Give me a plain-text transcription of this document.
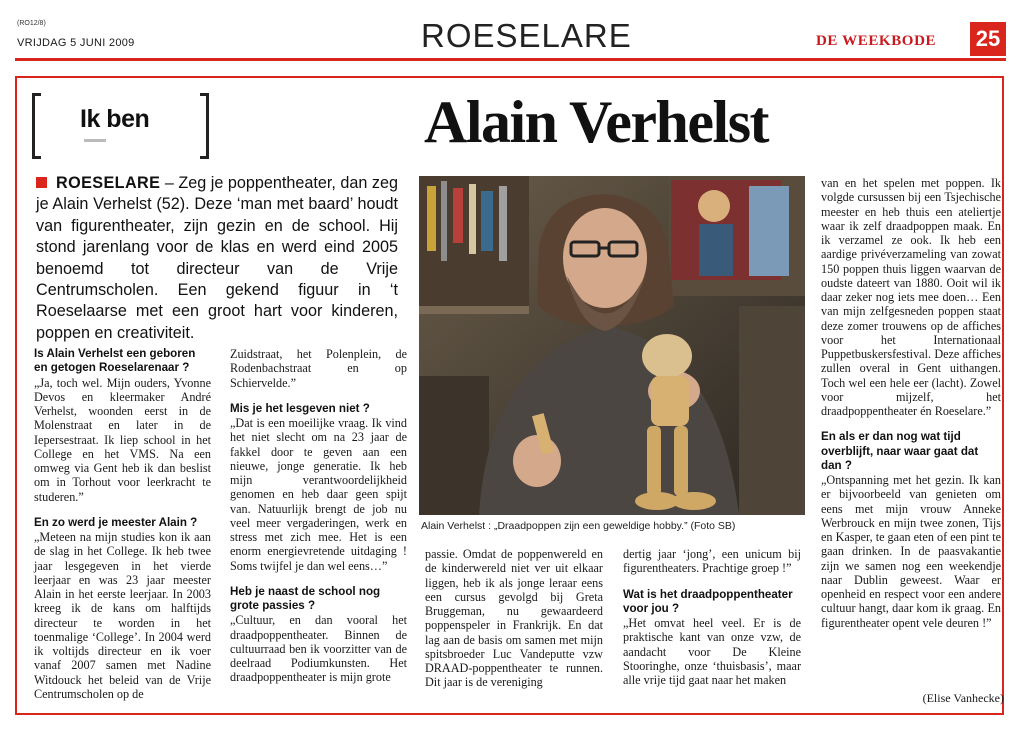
(RO12/8)
VRIJDAG 5 JUNI 2009	ROESELARE	DE WEEKBODE 25
Ik ben	Alain Verhelst
ROESELARE – Zeg je poppentheater, dan zeg je Alain Verhelst (52). Deze ‘man met baard’ houdt van figurentheater, zijn gezin en de school. Hij stond jarenlang voor de klas en werd eind 2005 benoemd tot directeur van de Vrije Centrumscholen. Een gekend figuur in ‘t Roeselaarse met een groot hart voor kinderen, poppen en creativiteit.
Alain Verhelst : „Draadpoppen zijn een geweldige hobby.” (Foto SB)
Is Alain Verhelst een geboren en getogen Roeselarenaar ?

„Ja, toch wel. Mijn ouders, Yvonne Devos en kleermaker André Verhelst, woonden eerst in de Molenstraat en later in de Iepersestraat. Ik liep school in het College en het VMS. Na een omweg via Gent heb ik dan beslist om in Torhout voor leerkracht te studeren.”

En zo werd je meester Alain ?

„Meteen na mijn studies kon ik aan de slag in het College. Ik heb twee jaar lesgegeven in het vierde leerjaar en was 23 jaar meester Alain in het eerste leerjaar. In 2003 kreeg ik de kans om halftijds directeur te worden in het toenmalige ‘College’. In 2004 werd ik voltijds directeur en ik voer vanaf 2007 samen met Nadine Witdouck het beleid van de Vrije Centrumscholen op de

Zuidstraat, het Polenplein, de Rodenbachstraat en op Schiervelde.”

Mis je het lesgeven niet ?

„Dat is een moeilijke vraag. Ik vind het niet slecht om na 23 jaar de fakkel door te geven aan een nieuwe, jonge generatie. Ik heb mijn verantwoordelijkheid genomen en heb daar geen spijt van. Natuurlijk brengt de job nu veel meer vergaderingen, werk en stress met zich mee. Het is een enorm energievretende uitdaging ! Soms twijfel je dan wel eens…”

Heb je naast de school nog grote passies ?

„Cultuur, en dan vooral het draadpoppentheater. Binnen de cultuurraad ben ik voorzitter van de deelraad Podiumkunsten. Het draadpoppentheater is mijn grote

passie. Omdat de poppenwereld en de kinderwereld niet ver uit elkaar liggen, heb ik als jonge leraar eens een cursus gevolgd bij Greta Bruggeman, nu gewaardeerd poppenspeler in Frankrijk. En dat lag aan de basis om samen met mijn spitsbroeder Luc Vandeputte vzw DRAAD-poppentheater te runnen. Dit jaar is de vereniging

dertig jaar ‘jong’, een unicum bij figurentheaters. Prachtige groep !”

Wat is het draadpoppentheater voor jou ?

„Het omvat heel veel. Er is de praktische kant van onze vzw, de aandacht voor De Kleine Stooringhe, onze ‘thuisbasis’, maar alle vrije tijd gaat naar het maken

van en het spelen met poppen. Ik volgde cursussen bij een Tsjechische meester en heb thuis een ateliertje waar ik zelf draadpoppen maak. En ik verzamel ze ook. Ik heb een aardige privéverzameling van zowat 150 poppen thuis liggen waarvan de oudste dateert van 1880. Ooit wil ik daar zeker nog iets mee doen… Een van mijn zelfgesneden poppen staat deze zomer trouwens op de affiches voor het Internationaal Puppetbuskersfestival. Deze affiches zullen overal in Gent uithangen. Toch wel een hele eer (lacht). Zowel voor mijzelf, het draadpoppentheater én Roeselare.”

En als er dan nog wat tijd overblijft, naar waar gaat dat dan ?

„Ontspanning met het gezin. Ik kan er bijvoorbeeld van genieten om eens met mijn vrouw Anneke Werbrouck en mijn twee zonen, Tijs en Kasper, te gaan eten of een pint te gaan drinken. In de paasvakantie zijn we samen nog een weekendje naar Dublin geweest. Waar er openheid en respect voor een andere cultuur hangt, daar kom ik graag. En figurentheater opent vele deuren !”

(Elise Vanhecke)
